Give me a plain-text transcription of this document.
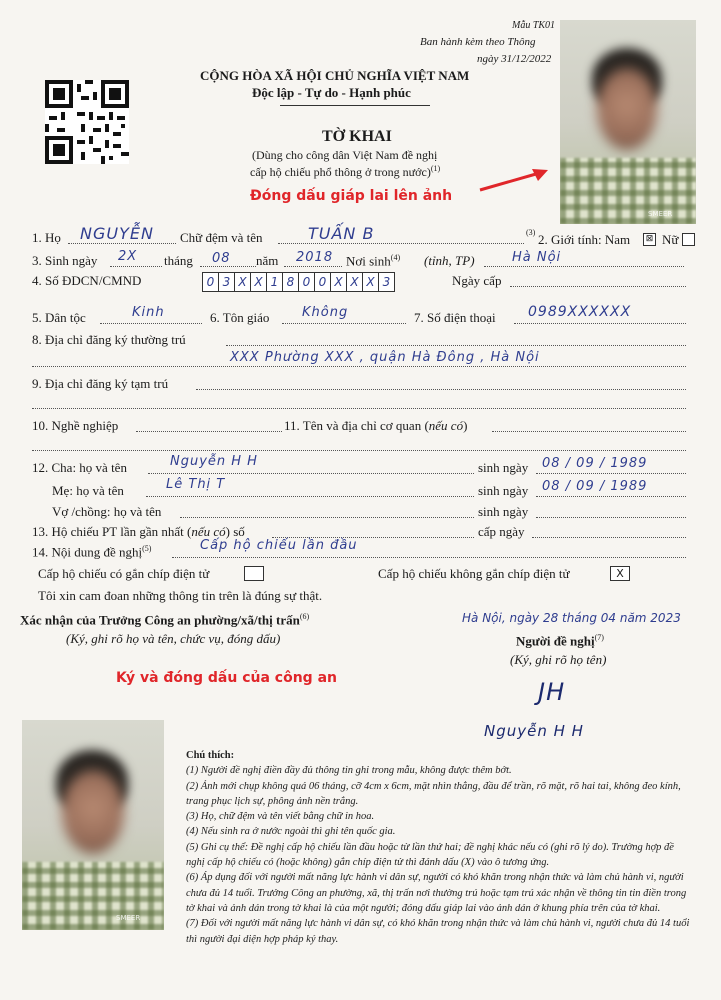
Mẫu TK01
Ban hành kèm theo Thông
ngày 31/12/2022
CỘNG HÒA XÃ HỘI CHỦ NGHĨA VIỆT NAM
Độc lập - Tự do - Hạnh phúc
TỜ KHAI
(Dùng cho công dân Việt Nam đề nghị
cấp hộ chiếu phổ thông ở trong nước)$^{(1)}$
SMEER
Đóng dấu giáp lai lên ảnh
1. Họ NGUYỄN Chữ đệm và tên	TUẤN B	(3) 2. Giới tính: Nam	⊠ Nữ
3. Sinh ngày 2X tháng 08 năm 2018 Nơi $\sinh^{(4)}$ (tỉnh, TP)	Hà Nội
4. Số ĐDCN/CMND	0 3 X X 1 8 0 0 X X X 3	Ngày cấp
5. Dân tộc	Kinh	6. Tôn giáo	Không	7. Số điện thoại 0989XXXXXX
8. Địa chỉ đăng ký thường trú
XXX Phường XXX , quận Hà Đông , Hà Nội
9. Địa chỉ đăng ký tạm trú
10. Nghề nghiệp	11. Tên và địa chỉ cơ quan (nếu có)
12. Cha: họ và tên	Nguyễn H H	sinh ngày 08 / 09 / 1989
Mẹ: họ và tên	Lê Thị T	sinh ngày 08 / 09 / 1989
Vợ /chồng: họ và tên	sinh ngày
13. Hộ chiếu PT lần gần nhất (nếu có) số	cấp ngày
14. Nội dung đề nghị$^{(5)}$	Cấp hộ chiếu lần đầu
Cấp hộ chiếu có gắn chíp điện tử	Cấp hộ chiếu không gắn chíp điện tử	X
Tôi xin cam đoan những thông tin trên là đúng sự thật.
Xác nhận của Trưởng Công an phường/xã/thị trấn$^{(6)}$
(Ký, ghi rõ họ và tên, chức vụ, đóng dấu)
Ký và đóng dấu của công an
Hà Nội, ngày 28 tháng 04 năm 2023
Người đề nghị$^{(7)}$
(Ký, ghi rõ họ tên)
JH
Nguyễn H H
SMEER

Chú thích:

(1) Người đề nghị điền đầy đủ thông tin ghi trong mẫu, không được thêm bớt.

(2) Ảnh mới chụp không quá 06 tháng, cỡ 4cm x 6cm, mặt nhìn thẳng, đầu để trần, rõ mặt, rõ hai tai, không đeo kính, trang phục lịch sự, phông ảnh nền trắng.

(3) Họ, chữ đệm và tên viết bằng chữ in hoa.

(4) Nếu sinh ra ở nước ngoài thì ghi tên quốc gia.

(5) Ghi cụ thể: Đề nghị cấp hộ chiếu lần đầu hoặc từ lần thứ hai; đề nghị khác nếu có (ghi rõ lý do). Trường hợp đề nghị cấp hộ chiếu có (hoặc không) gắn chíp điện tử thì đánh dấu (X) vào ô tương ứng.

(6) Áp dụng đối với người mất năng lực hành vi dân sự, người có khó khăn trong nhận thức và làm chủ hành vi, người chưa đủ 14 tuổi. Trưởng Công an phường, xã, thị trấn nơi thường trú hoặc tạm trú xác nhận về thông tin tin điền trong tờ khai và ảnh dán trong tờ khai là của một người; đóng dấu giáp lai vào ảnh dán ở khung phía trên của tờ khai.

(7) Đối với người mất năng lực hành vi dân sự, có khó khăn trong nhận thức và làm chủ hành vi, người chưa đủ 14 tuổi thì người đại diện hợp pháp ký thay.
